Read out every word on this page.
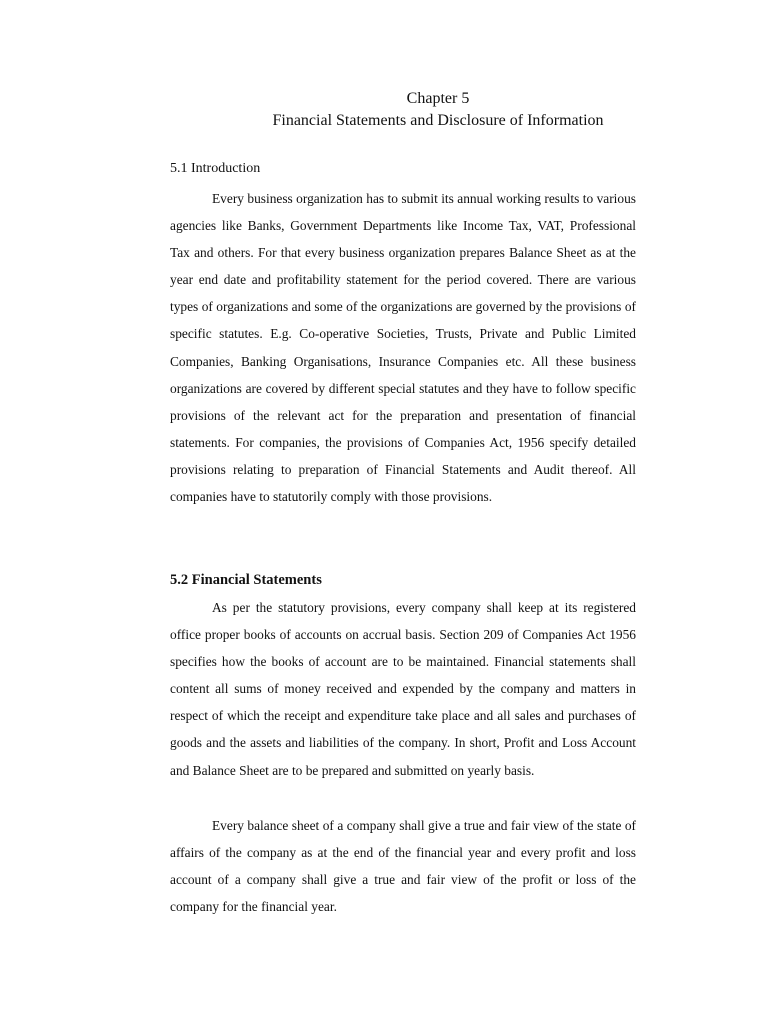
Chapter 5
Financial Statements and Disclosure of Information
5.1 Introduction

Every business organization has to submit its annual working results to various agencies like Banks, Government Departments like Income Tax, VAT, Professional Tax and others. For that every business organization prepares Balance Sheet as at the year end date and profitability statement for the period covered. There are various types of organizations and some of the organizations are governed by the provisions of specific statutes. E.g. Co-operative Societies, Trusts, Private and Public Limited Companies, Banking Organisations, Insurance Companies etc. All these business organizations are covered by different special statutes and they have to follow specific provisions of the relevant act for the preparation and presentation of financial statements. For companies, the provisions of Companies Act, 1956 specify detailed provisions relating to preparation of Financial Statements and Audit thereof. All companies have to statutorily comply with those provisions.

5.2 Financial Statements

As per the statutory provisions, every company shall keep at its registered office proper books of accounts on accrual basis. Section 209 of Companies Act 1956 specifies how the books of account are to be maintained. Financial statements shall content all sums of money received and expended by the company and matters in respect of which the receipt and expenditure take place and all sales and purchases of goods and the assets and liabilities of the company. In short, Profit and Loss Account and Balance Sheet are to be prepared and submitted on yearly basis.

Every balance sheet of a company shall give a true and fair view of the state of affairs of the company as at the end of the financial year and every profit and loss account of a company shall give a true and fair view of the profit or loss of the company for the financial year.
